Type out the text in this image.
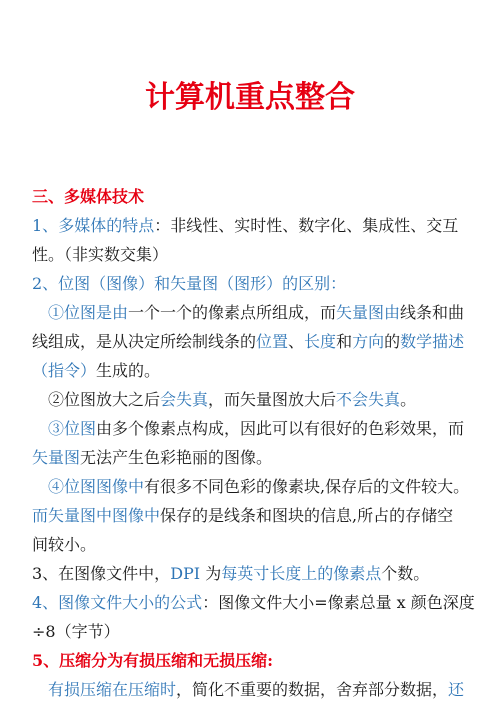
计算机重点整合
三、多媒体技术
1、多媒体的特点：非线性、实时性、数字化、集成性、交互
性。（非实数交集）
2、位图（图像）和矢量图（图形）的区别：
①位图是由一个一个的像素点所组成，而矢量图由线条和曲
线组成，是从决定所绘制线条的位置、长度和方向的数学描述
（指令）生成的。
②位图放大之后会失真，而矢量图放大后不会失真。
③位图由多个像素点构成，因此可以有很好的色彩效果，而
矢量图无法产生色彩艳丽的图像。
④位图图像中有很多不同色彩的像素块,保存后的文件较大。
而矢量图中图像中保存的是线条和图块的信息,所占的存储空
间较小。
3、在图像文件中，DPI 为每英寸长度上的像素点个数。
4、图像文件大小的公式：图像文件大小=像素总量 x 颜色深度
÷8（字节）
5、压缩分为有损压缩和无损压缩:
有损压缩在压缩时，简化不重要的数据，舍弃部分数据，还
